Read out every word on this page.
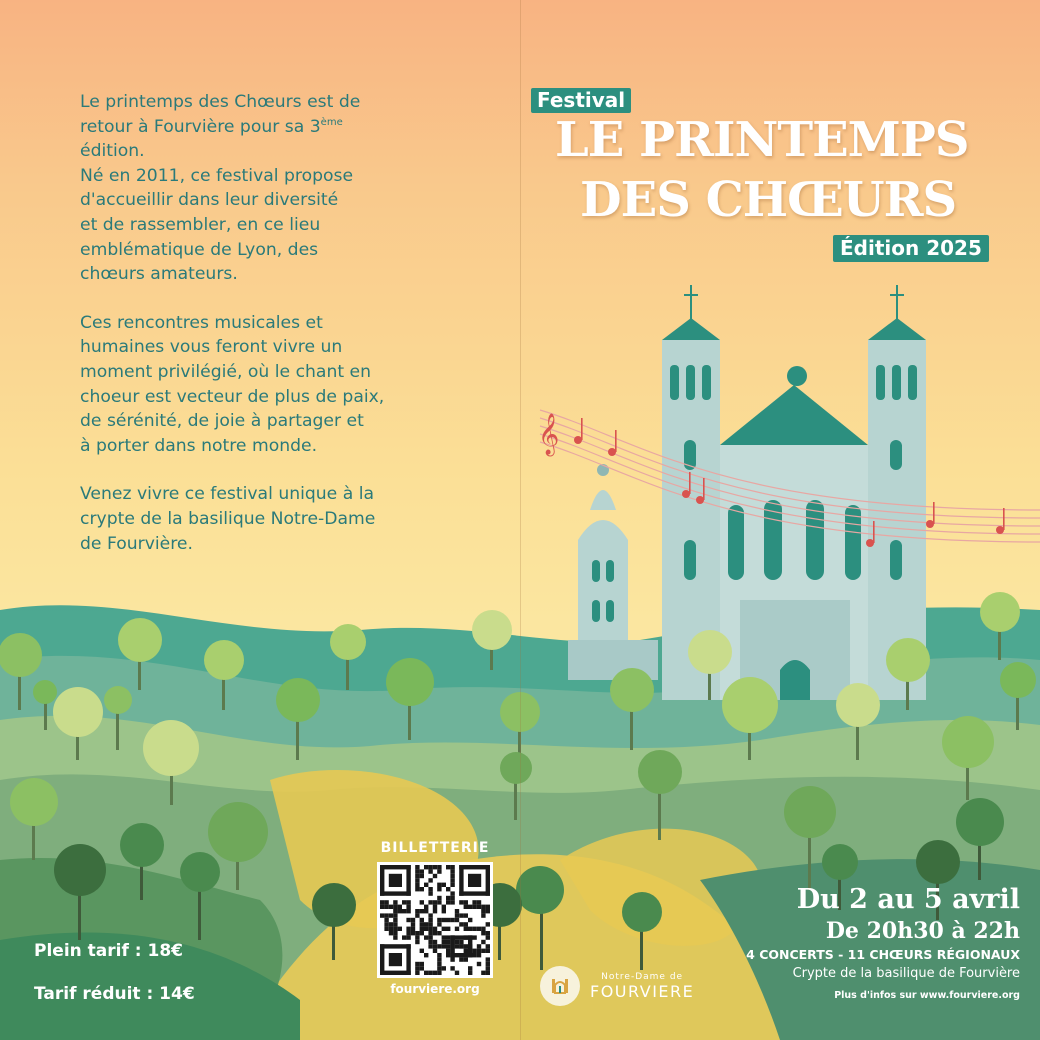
𝄞

Le printemps des Chœurs est de
retour à Fourvière pour sa 3ème
édition.
Né en 2011, ce festival propose
d'accueillir dans leur diversité
et de rassembler, en ce lieu
emblématique de Lyon, des
chœurs amateurs.

Ces rencontres musicales et
humaines vous feront vivre un
moment privilégié, où le chant en
choeur est vecteur de plus de paix,
de sérénité, de joie à partager et
à porter dans notre monde.

Venez vivre ce festival unique à la
crypte de la basilique Notre-Dame
de Fourvière.

Festival
LE PRINTEMPS
DES CHŒURS
Édition 2025
Du 2 au 5 avril
De 20h30 à 22h
4 CONCERTS - 11 CHŒURS RÉGIONAUX
Crypte de la basilique de Fourvière
Plus d'infos sur www.fourviere.org
Plein tarif : 18€
Tarif réduit : 14€
BILLETTERIE
fourviere.org
Notre-Dame de
FOURVIERE
